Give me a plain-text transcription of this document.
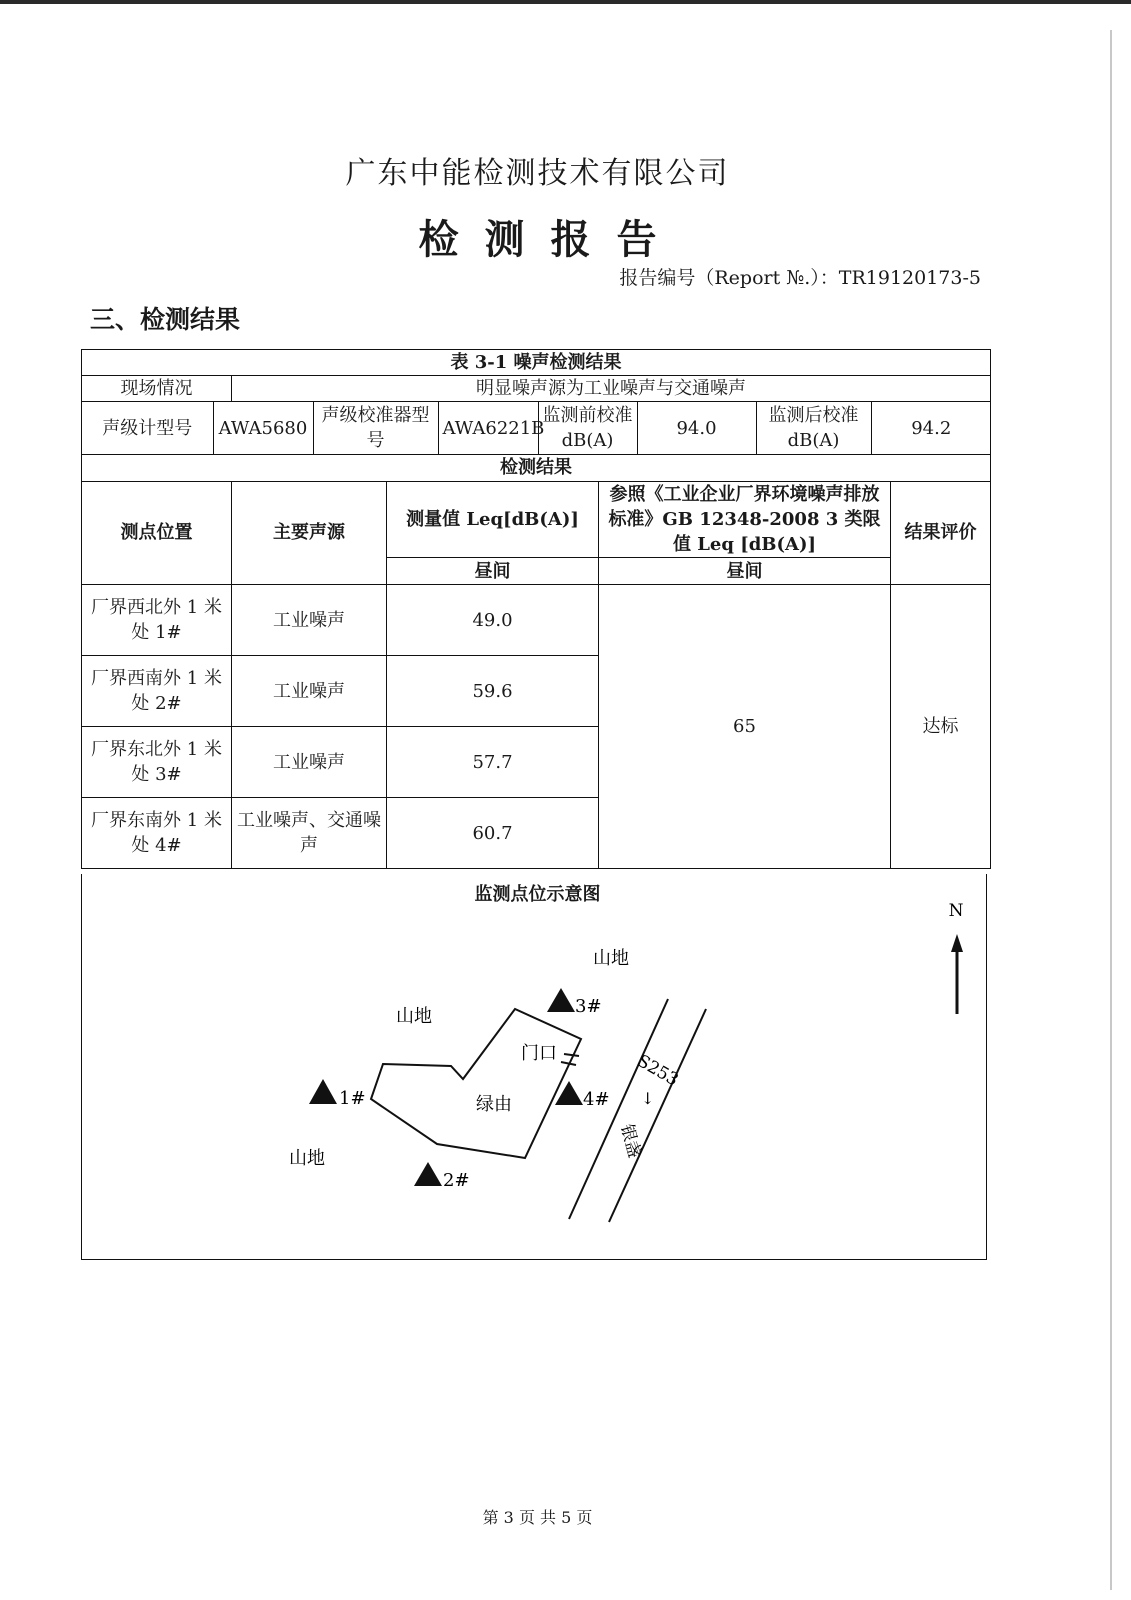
广东中能检测技术有限公司
检测报告
报告编号（Report №.）：TR19120173-5
三、检测结果
表 3-1 噪声检测结果
现场情况	明显噪声源为工业噪声与交通噪声

声级计型号	AWA5680	声级校准器型号	AWA6221B	监测前校准 dB(A)	94.0	监测后校准 dB(A)	94.2

检测结果
测点位置	主要声源	测量值 Leq[dB(A)]	参照《工业企业厂界环境噪声排放标准》GB 12348-2008 3 类限值 Leq [dB(A)]	结果评价
昼间	昼间
厂界西北外 1 米处 1#	工业噪声	49.0	65	达标
厂界西南外 1 米处 2#	工业噪声	59.6
厂界东北外 1 米处 3#	工业噪声	57.7
厂界东南外 1 米处 4#	工业噪声、交通噪声	60.7
监测点位示意图
N
山地
山地
山地
绿由
门口	S253
↓
银盏
1#
2#
3#
4#
第 3 页 共 5 页
